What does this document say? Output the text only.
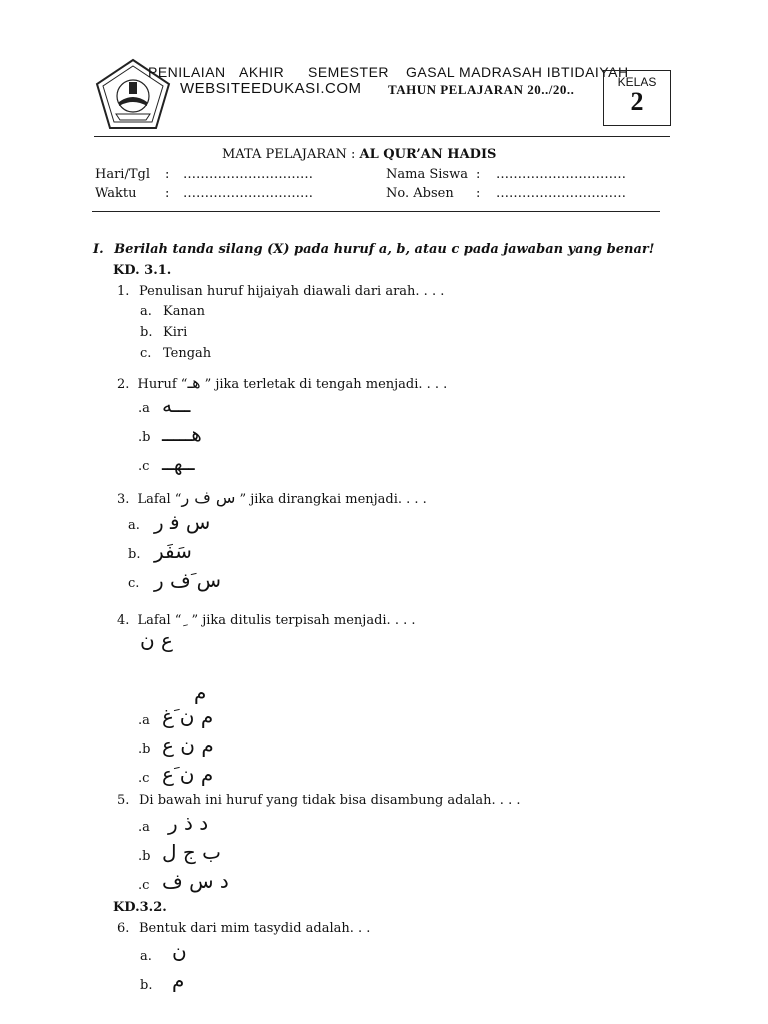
PENILAIAN AKHIR SEMESTER GASAL MADRASAH IBTIDAIYAH
WEBSITEEDUKASI.COM TAHUN PELAJARAN 20../20..	KELAS
2
MATA PELAJARAN : AL QUR’AN HADIS
Hari/Tgl : …………………………
Waktu : …………………………
Nama Siswa : …………………………
No. Absen : …………………………
I. Berilah tanda silang (X) pada huruf a, b, atau c pada jawaban yang benar!
KD. 3.1.
1. Penulisan huruf hijaiyah diawali dari arah. . . .
a. Kanan
b. Kiri
c. Tengah
2. Huruf “هـ ” jika terletak di tengah menjadi. . . .
.a ـــه
.b هـــــ
.c ــهــ
3. Lafal “س ف ر ” jika dirangkai menjadi. . . .
a. س ﻓ ر
b. سَفَر
c. س َف ر
4. Lafal “ ” jika ditulis terpisah menjadi. . . .
ع ن
م
.a م ن َغ
.b م ن ع
.c م ن َع
5. Di bawah ini huruf yang tidak bisa disambung adalah. . . .
.a د ذ ر
.b ب ج ل
.c د س ف
KD.3.2.
6. Bentuk dari mim tasydid adalah. . .
a. ن
b. م
